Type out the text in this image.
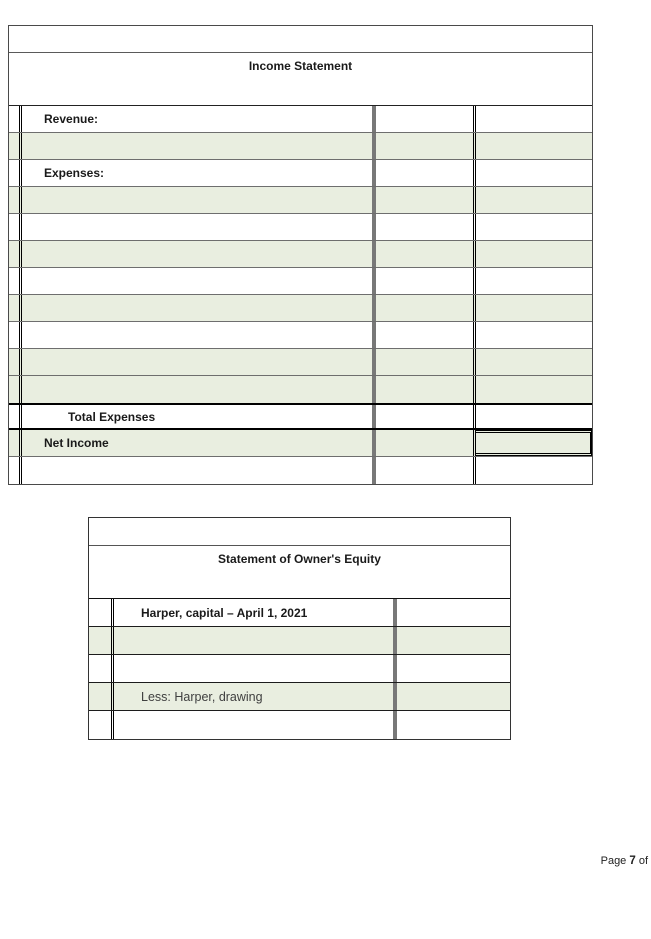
Income Statement
Revenue:
Expenses:
Total Expenses
Net Income
Statement of Owner's Equity
Harper, capital – April 1, 2021
Less: Harper, drawing
Page 7 of
